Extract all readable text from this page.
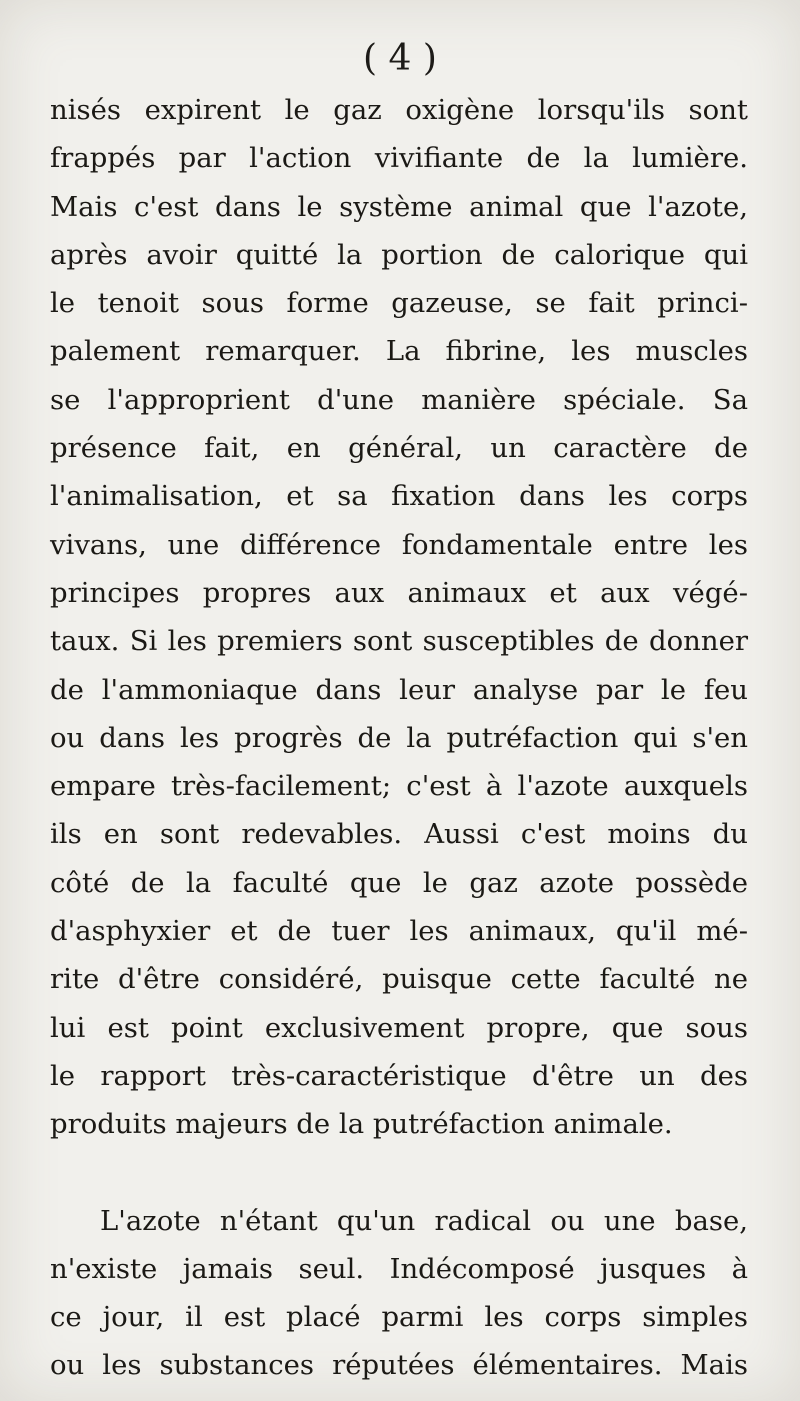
( 4 )
nisés expirent le gaz oxigène lorsqu'ils sont
frappés par l'action vivifiante de la lumière.
Mais c'est dans le système animal que l'azote,
après avoir quitté la portion de calorique qui
le tenoit sous forme gazeuse, se fait princi-
palement remarquer. La fibrine, les muscles
se l'approprient d'une manière spéciale. Sa
présence fait, en général, un caractère de
l'animalisation, et sa fixation dans les corps
vivans, une différence fondamentale entre les
principes propres aux animaux et aux végé-
taux. Si les premiers sont susceptibles de donner
de l'ammoniaque dans leur analyse par le feu
ou dans les progrès de la putréfaction qui s'en
empare très-facilement; c'est à l'azote auxquels
ils en sont redevables. Aussi c'est moins du
côté de la faculté que le gaz azote possède
d'asphyxier et de tuer les animaux, qu'il mé-
rite d'être considéré, puisque cette faculté ne
lui est point exclusivement propre, que sous
le rapport très-caractéristique d'être un des
produits majeurs de la putréfaction animale.
L'azote n'étant qu'un radical ou une base,
n'existe jamais seul. Indécomposé jusques à
ce jour, il est placé parmi les corps simples
ou les substances réputées élémentaires. Mais
